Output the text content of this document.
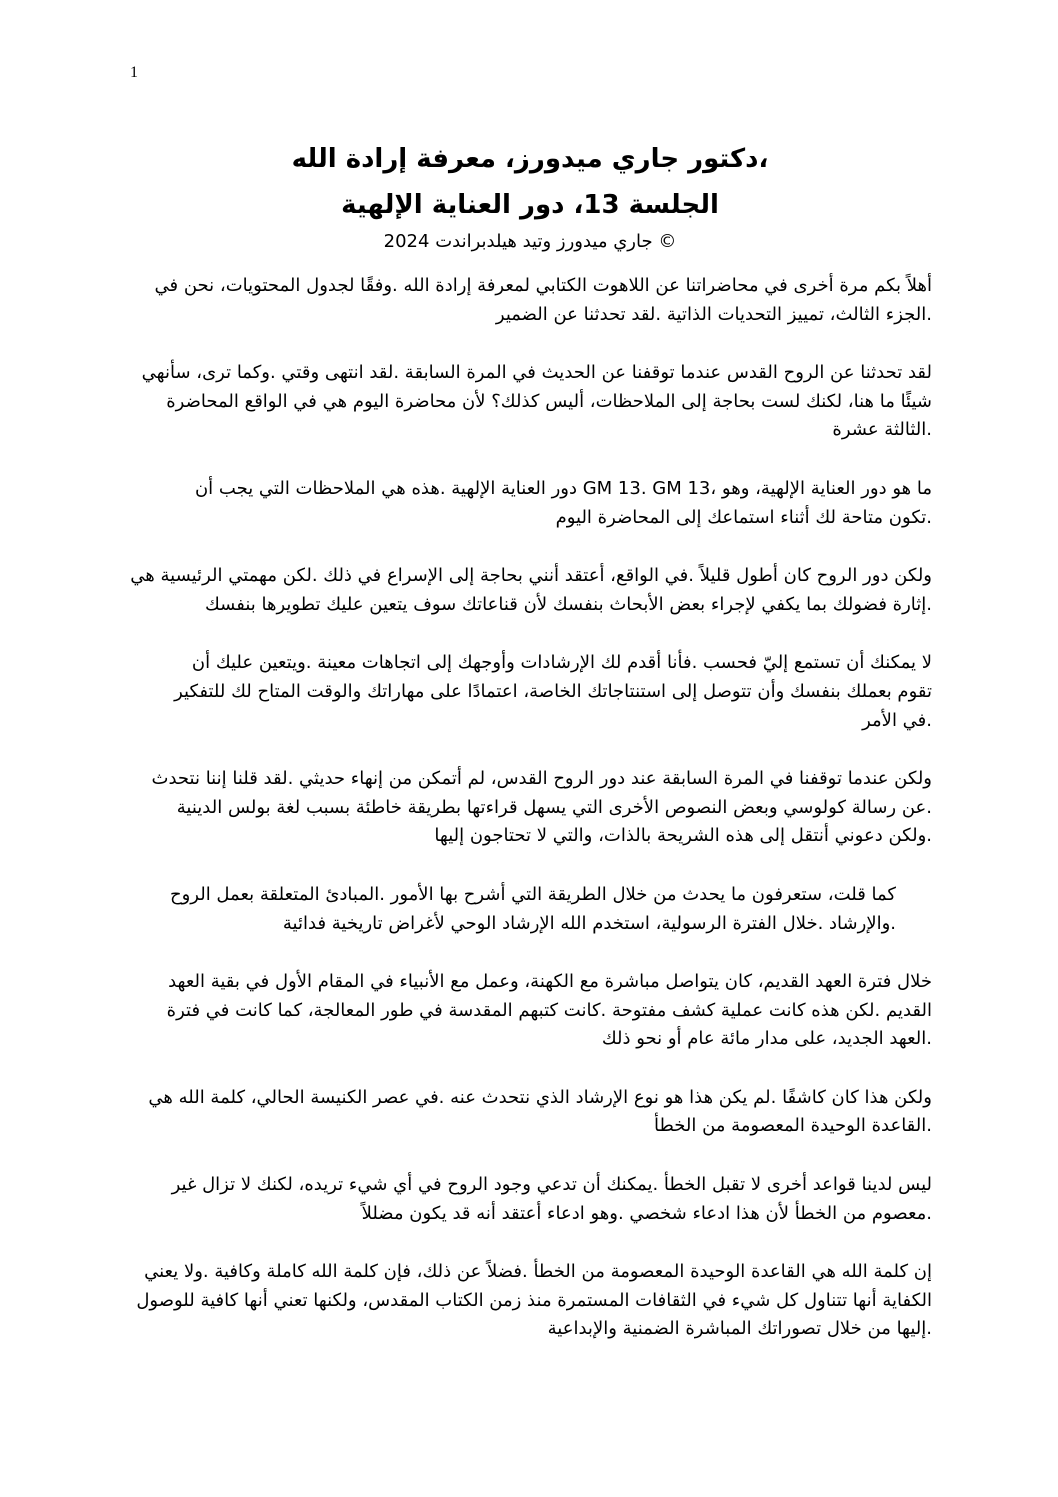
1
،دكتور جاري ميدورز، معرفة إرادة الله
الجلسة 13، دور العناية الإلهية
جاري ميدورز وتيد هيلدبراندت 2024 ©
أهلاً بكم مرة أخرى في محاضراتنا عن اللاهوت الكتابي لمعرفة إرادة الله .وفقًا لجدول المحتويات، نحن في
.الجزء الثالث، تمييز التحديات الذاتية .لقد تحدثنا عن الضمير
لقد تحدثنا عن الروح القدس عندما توقفنا عن الحديث في المرة السابقة .لقد انتهى وقتي .وكما ترى، سأنهي
شيئًا ما هنا، لكنك لست بحاجة إلى الملاحظات، أليس كذلك؟ لأن محاضرة اليوم هي في الواقع المحاضرة
.الثالثة عشرة
دور العناية الإلهية .هذه هي الملاحظات التي يجب أن GM 13. GM 13، ما هو دور العناية الإلهية، وهو
.تكون متاحة لك أثناء استماعك إلى المحاضرة اليوم
ولكن دور الروح كان أطول قليلاً .في الواقع، أعتقد أنني بحاجة إلى الإسراع في ذلك .لكن مهمتي الرئيسية هي
.إثارة فضولك بما يكفي لإجراء بعض الأبحاث بنفسك لأن قناعاتك سوف يتعين عليك تطويرها بنفسك
لا يمكنك أن تستمع إليّ فحسب .فأنا أقدم لك الإرشادات وأوجهك إلى اتجاهات معينة .ويتعين عليك أن
تقوم بعملك بنفسك وأن تتوصل إلى استنتاجاتك الخاصة، اعتمادًا على مهاراتك والوقت المتاح لك للتفكير
.في الأمر
ولكن عندما توقفنا في المرة السابقة عند دور الروح القدس، لم أتمكن من إنهاء حديثي .لقد قلنا إننا نتحدث
.عن رسالة كولوسي وبعض النصوص الأخرى التي يسهل قراءتها بطريقة خاطئة بسبب لغة بولس الدينية
.ولكن دعوني أنتقل إلى هذه الشريحة بالذات، والتي لا تحتاجون إليها
كما قلت، ستعرفون ما يحدث من خلال الطريقة التي أشرح بها الأمور .المبادئ المتعلقة بعمل الروح
.والإرشاد .خلال الفترة الرسولية، استخدم الله الإرشاد الوحي لأغراض تاريخية فدائية
خلال فترة العهد القديم، كان يتواصل مباشرة مع الكهنة، وعمل مع الأنبياء في المقام الأول في بقية العهد
القديم .لكن هذه كانت عملية كشف مفتوحة .كانت كتبهم المقدسة في طور المعالجة، كما كانت في فترة
.العهد الجديد، على مدار مائة عام أو نحو ذلك
ولكن هذا كان كاشفًا .لم يكن هذا هو نوع الإرشاد الذي نتحدث عنه .في عصر الكنيسة الحالي، كلمة الله هي
.القاعدة الوحيدة المعصومة من الخطأ
ليس لدينا قواعد أخرى لا تقبل الخطأ .يمكنك أن تدعي وجود الروح في أي شيء تريده، لكنك لا تزال غير
.معصوم من الخطأ لأن هذا ادعاء شخصي .وهو ادعاء أعتقد أنه قد يكون مضللاً
إن كلمة الله هي القاعدة الوحيدة المعصومة من الخطأ .فضلاً عن ذلك، فإن كلمة الله كاملة وكافية .ولا يعني
الكفاية أنها تتناول كل شيء في الثقافات المستمرة منذ زمن الكتاب المقدس، ولكنها تعني أنها كافية للوصول
.إليها من خلال تصوراتك المباشرة الضمنية والإبداعية
